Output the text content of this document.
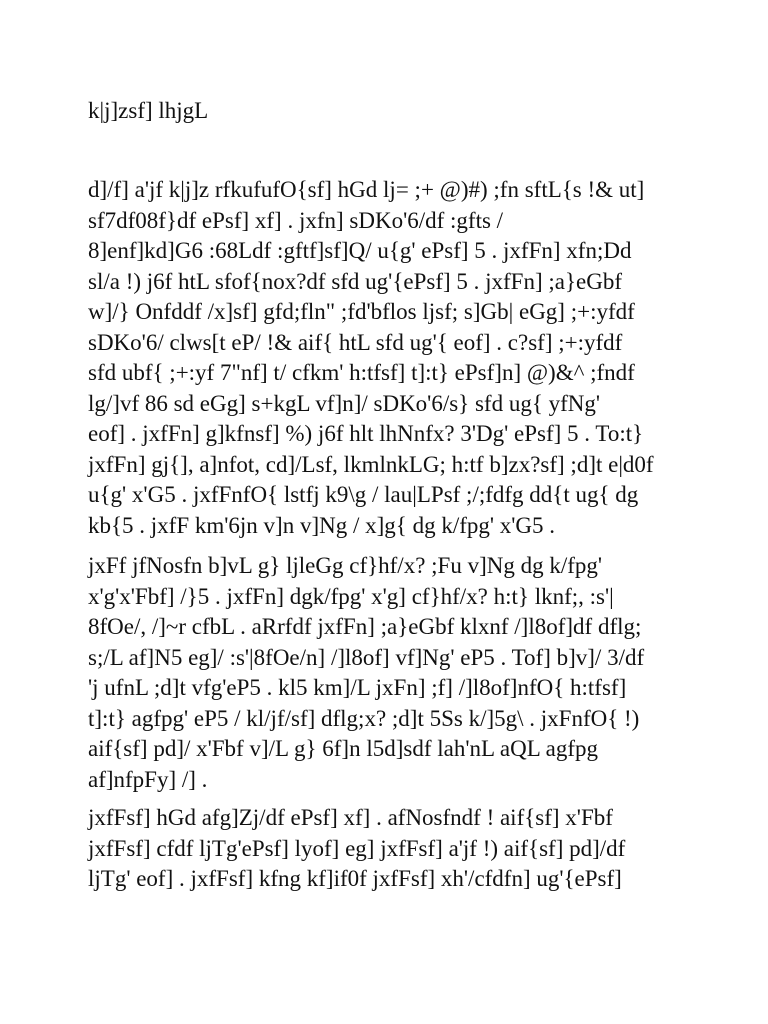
k|j]zsf] lhjgL
d]/f] a'jf k|j]z rfkufufO{sf] hGd lj= ;+ @)#) ;fn sftL{s !& ut]
sf7df08f}df ePsf] xf] . jxfn] sDKo'6/df :gfts /
8]enf]kd]G6 :68Ldf :gftf]sf]Q/ u{g' ePsf] 5 . jxfFn] xfn;Dd
sl/a !) j6f htL sfof{nox?df sfd ug'{ePsf] 5 . jxfFn] ;a}eGbf
w]/} Onfddf /x]sf] gfd;fln" ;fd'bflos ljsf; s]Gb| eGg] ;+:yfdf
sDKo'6/ clws[t eP/ !& aif{ htL sfd ug'{ eof] . c?sf] ;+:yfdf
sfd ubf{ ;+:yf 7"nf] t/ cfkm' h:tfsf] t]:t} ePsf]n] @)&^ ;fndf
lg/]vf 86 sd eGg] s+kgL vf]n]/ sDKo'6/s} sfd ug{ yfNg'
eof] . jxfFn] g]kfnsf] %) j6f hlt lhNnfx? 3'Dg' ePsf] 5 . To:t}
jxfFn] gj{], a]nfot, cd]/Lsf, lkmlnkLG; h:tf b]zx?sf] ;d]t e|d0f
u{g' x'G5 . jxfFnfO{ lstfj k9\g / lau|LPsf ;/;fdfg dd{t ug{ dg
kb{5 . jxfF km'6jn v]n v]Ng / x]g{ dg k/fpg' x'G5 .
jxFf jfNosfn b]vL g} ljleGg cf}hf/x? ;Fu v]Ng dg k/fpg'
x'g'x'Fbf] /}5 . jxfFn] dgk/fpg' x'g] cf}hf/x? h:t} lknf;, :s'|
8fOe/, /]~r cfbL . aRrfdf jxfFn] ;a}eGbf klxnf /]l8of]df dflg;
s;/L af]N5 eg]/ :s'|8fOe/n] /]l8of] vf]Ng' eP5 . Tof] b]v]/ 3/df
'j ufnL ;d]t vfg'eP5 . kl5 km]/L jxFn] ;f] /]l8of]nfO{ h:tfsf]
t]:t} agfpg' eP5 / kl/jf/sf] dflg;x? ;d]t 5Ss k/]5g\ . jxFnfO{ !)
aif{sf] pd]/ x'Fbf v]/L g} 6f]n l5d]sdf lah'nL aQL agfpg
af]nfpFy] /] .
jxfFsf] hGd afg]Zj/df ePsf] xf] . afNosfndf ! aif{sf] x'Fbf
jxfFsf] cfdf ljTg'ePsf] lyof] eg] jxfFsf] a'jf !) aif{sf] pd]/df
ljTg' eof] . jxfFsf] kfng kf]if0f jxfFsf] xh'/cfdfn] ug'{ePsf]
